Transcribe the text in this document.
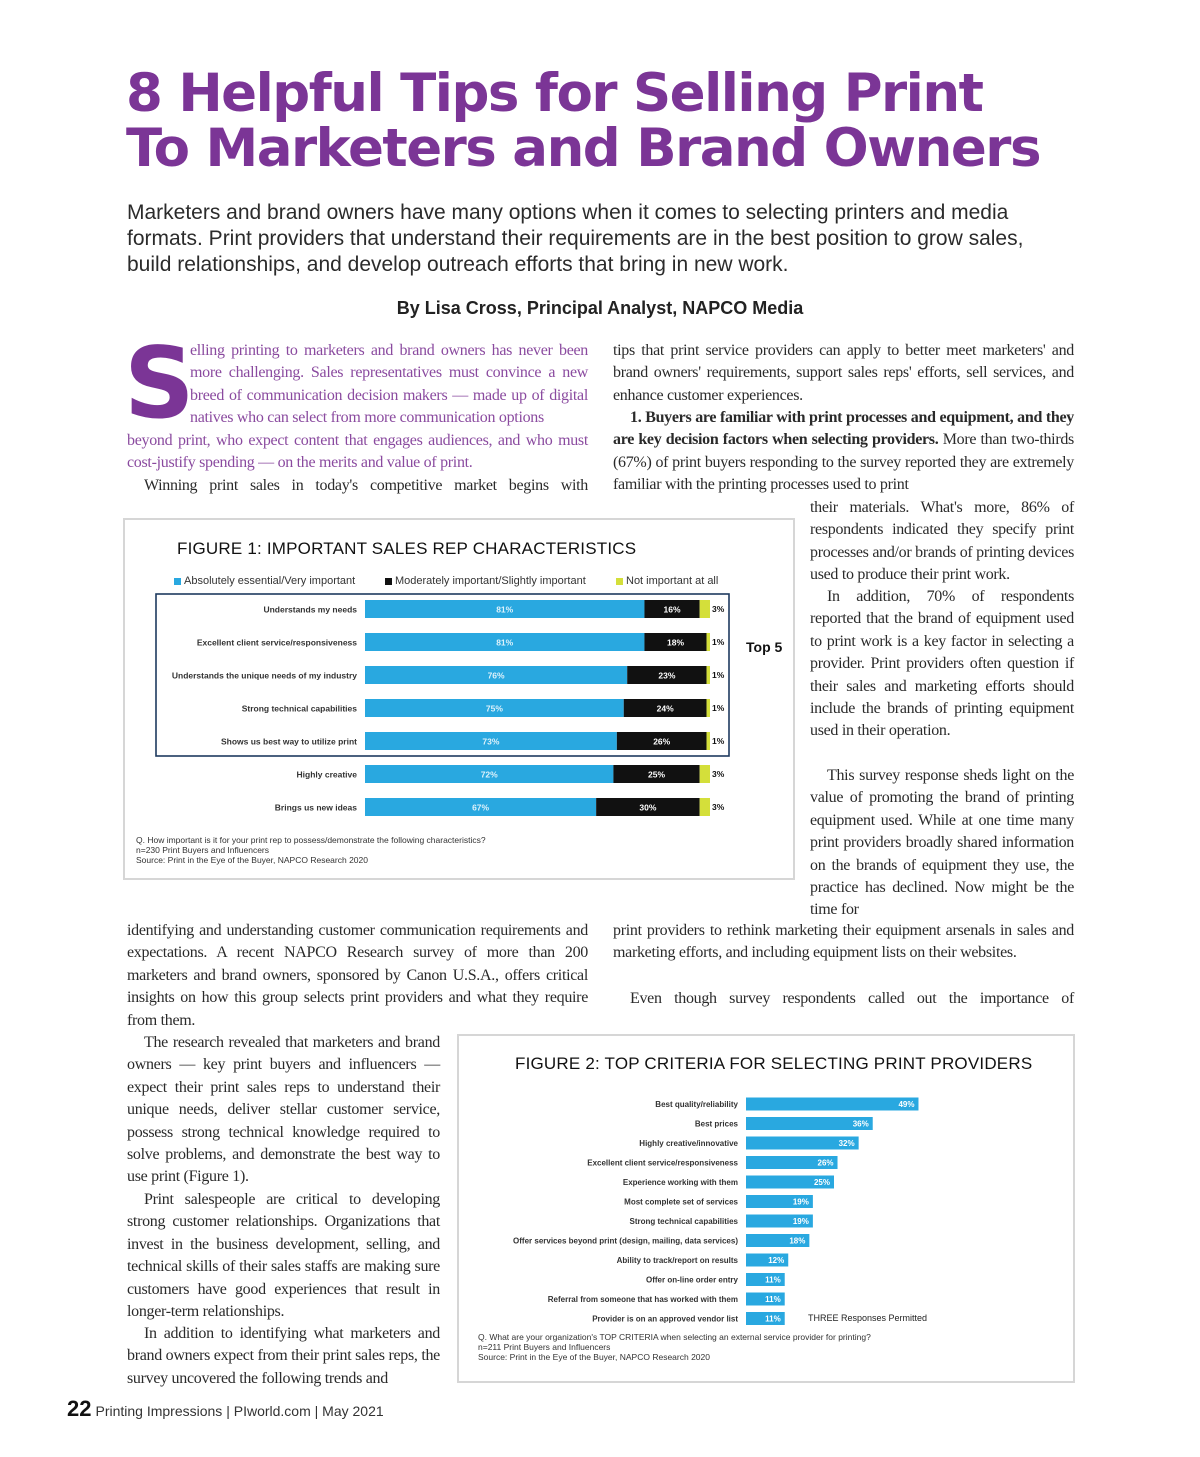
8 Helpful Tips for Selling Print
To Marketers and Brand Owners

Marketers and brand owners have many options when it comes to selecting printers and media formats. Print providers that understand their requirements are in the best position to grow sales, build relationships, and develop outreach efforts that bring in new work.

By Lisa Cross, Principal Analyst, NAPCO Media
S

elling printing to marketers and brand owners has never been more challenging. Sales representatives must convince a new breed of communication decision makers — made up of digital natives who can select from more communication options

beyond print, who expect content that engages audiences, and who must cost-justify spending — on the merits and value of print.

Winning print sales in today's competitive market begins with

tips that print service providers can apply to better meet marketers' and brand owners' requirements, support sales reps' efforts, sell services, and enhance customer experiences.

1. Buyers are familiar with print processes and equipment, and they are key decision factors when selecting providers. More than two-thirds (67%) of print buyers responding to the survey reported they are extremely familiar with the printing processes used to print

their materials. What's more, 86% of respondents indicated they specify print processes and/or brands of printing devices used to produce their print work.

In addition, 70% of respondents reported that the brand of equipment used to print work is a key factor in selecting a provider. Print providers often question if their sales and marketing efforts should include the brands of printing equipment used in their operation.

This survey response sheds light on the value of promoting the brand of printing equipment used. While at one time many print providers broadly shared information on the brands of equipment they use, the practice has declined. Now might be the time for

FIGURE 1: IMPORTANT SALES REP CHARACTERISTICS
Absolutely essential/Very important	Moderately important/Slightly important	Not important at all
Understands my needs	81%	16%	3%
Excellent client service/responsiveness	81%	18%	1%
Understands the unique needs of my industry	76%	23%	1%
Strong technical capabilities	75%	24%	1%
Shows us best way to utilize print	73%	26%	1%
Highly creative	72%	25%	3%
Brings us new ideas	67%	30%	3%
Top 5
Q. How important is it for your print rep to possess/demonstrate the following characteristics?
n=230 Print Buyers and Influencers
Source: Print in the Eye of the Buyer, NAPCO Research 2020

identifying and understanding customer communication requirements and expectations. A recent NAPCO Research survey of more than 200 marketers and brand owners, sponsored by Canon U.S.A., offers critical insights on how this group selects print providers and what they require from them.

print providers to rethink marketing their equipment arsenals in sales and marketing efforts, and including equipment lists on their websites.

Even though survey respondents called out the importance of

The research revealed that marketers and brand owners — key print buyers and influencers — expect their print sales reps to understand their unique needs, deliver stellar customer service, possess strong technical knowledge required to solve problems, and demonstrate the best way to use print (Figure 1).

Print salespeople are critical to developing strong customer relationships. Organizations that invest in the business development, selling, and technical skills of their sales staffs are making sure customers have good experiences that result in longer-term relationships.

In addition to identifying what marketers and brand owners expect from their print sales reps, the survey uncovered the following trends and

FIGURE 2: TOP CRITERIA FOR SELECTING PRINT PROVIDERS
Best quality/reliability	49%
Best prices	36%
Highly creative/innovative	32%
Excellent client service/responsiveness	26%
Experience working with them	25%
Most complete set of services	19%
Strong technical capabilities	19%
Offer services beyond print (design, mailing, data services)	18%
Ability to track/report on results	12%
Offer on-line order entry	11%
Referral from someone that has worked with them	11%
Provider is on an approved vendor list	11%	THREE Responses Permitted
Q. What are your organization's TOP CRITERIA when selecting an external service provider for printing?
n=211 Print Buyers and Influencers
Source: Print in the Eye of the Buyer, NAPCO Research 2020
22 Printing Impressions | PIworld.com | May 2021
